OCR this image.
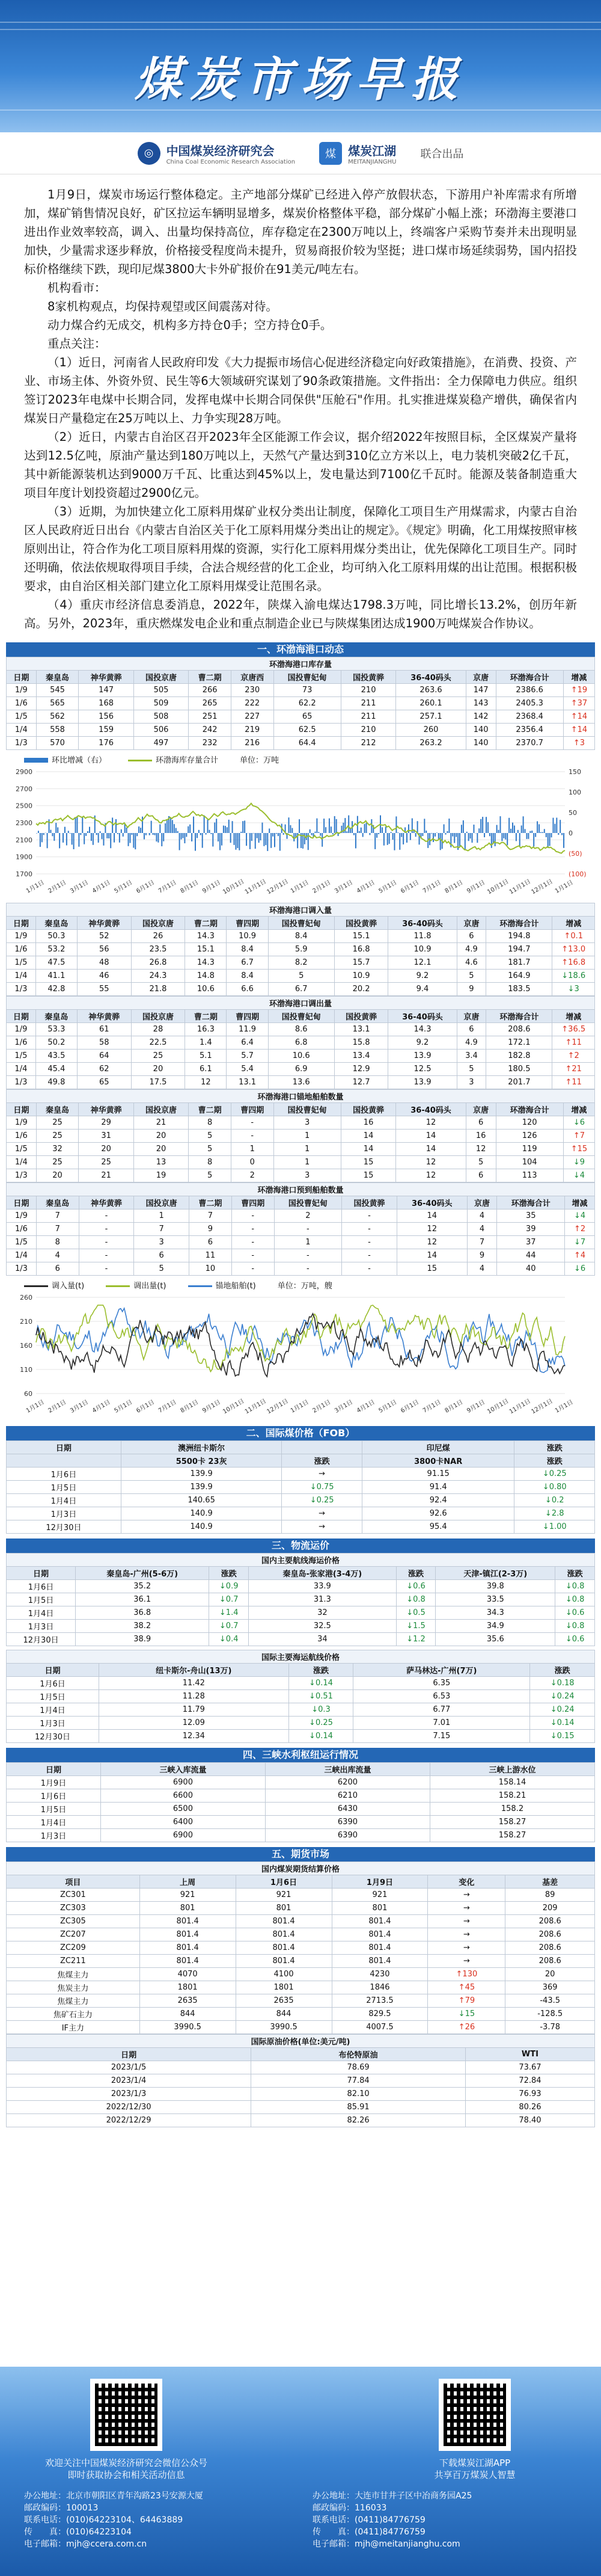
煤炭市场早报
◎	中国煤炭经济研究会
China Coal Economic Research Association
煤	煤炭江湖
MEITANJIANGHU
联合出品

1月9日，煤炭市场运行整体稳定。主产地部分煤矿已经进入停产放假状态，下游用户补库需求有所增加，煤矿销售情况良好，矿区拉运车辆明显增多，煤炭价格整体平稳，部分煤矿小幅上涨；环渤海主要港口进出作业效率较高，调入、出量均保持高位，库存稳定在2300万吨以上，终端客户采购节奏并未出现明显加快，少量需求逐步释放，价格接受程度尚未提升，贸易商报价较为坚挺；进口煤市场延续弱势，国内招投标价格继续下跌，现印尼煤3800大卡外矿报价在91美元/吨左右。

机构看市：

8家机构观点，均保持观望或区间震荡对待。

动力煤合约无成交，机构多方持仓0手；空方持仓0手。

重点关注：

（1）近日，河南省人民政府印发《大力提振市场信心促进经济稳定向好政策措施》，在消费、投资、产业、市场主体、外资外贸、民生等6大领域研究谋划了90条政策措施。文件指出：全力保障电力供应。组织签订2023年电煤中长期合同，发挥电煤中长期合同保供"压舱石"作用。扎实推进煤炭稳产增供，确保省内煤炭日产量稳定在25万吨以上、力争实现28万吨。

（2）近日，内蒙古自治区召开2023年全区能源工作会议，据介绍2022年按照目标，全区煤炭产量将达到12.5亿吨，原油产量达到180万吨以上，天然气产量达到310亿立方米以上，电力装机突破2亿千瓦，其中新能源装机达到9000万千瓦、比重达到45%以上，发电量达到7100亿千瓦时。能源及装备制造重大项目年度计划投资超过2900亿元。

（3）近期，为加快建立化工原料用煤矿业权分类出让制度，保障化工项目生产用煤需求，内蒙古自治区人民政府近日出台《内蒙古自治区关于化工原料用煤分类出让的规定》。《规定》明确，化工用煤按照审核原则出让，符合作为化工项目原料用煤的资源，实行化工原料用煤分类出让，优先保障化工项目生产。同时还明确，依法依规取得项目手续，合法合规经营的化工企业，均可纳入化工原料用煤的出让范围。根据积极要求，由自治区相关部门建立化工原料用煤受让范围名录。

（4）重庆市经济信息委消息，2022年，陕煤入渝电煤达1798.3万吨，同比增长13.2%，创历年新高。另外，2023年，重庆燃煤发电企业和重点制造企业已与陕煤集团达成1900万吨煤炭合作协议。

一、环渤海港口动态
环渤海港口库存量											
日期	秦皇岛	神华黄骅	国投京唐	曹二期	京唐西	国投曹妃甸	国投黄骅	36-40码头	京唐	环渤海合计	增减
1/9	545	147	505	266	230	73	210	263.6	147	2386.6	↑19
1/6	565	168	509	265	222	62.2	211	260.1	143	2405.3	↑37
1/5	562	156	508	251	227	65	211	257.1	142	2368.4	↑14
1/4	558	159	506	242	219	62.5	210	260	140	2356.4	↑14
1/3	570	176	497	232	216	64.4	212	263.2	140	2370.7	↑3
环比增减（右）	环渤海库存量合计	单位：万吨
2900
2700
2500
2300
2100
1900
1700
150
100
50
0
(50)
(100)
1月1日 2月1日 3月1日 4月1日 5月1日 6月1日 7月1日 8月1日 9月1日 10月1日
11月1日
12月1日 1月1日 2月1日 3月1日 4月1日 5月1日 6月1日 7月1日 8月1日 9月1日 10月1日
11月1日
12月1日 1月1日
环渤海港口调入量											
日期	秦皇岛	神华黄骅	国投京唐	曹二期	曹四期	国投曹妃甸	国投黄骅	36-40码头	京唐	环渤海合计	增减
1/9	50.3	52	26	14.3	10.9	8.4	15.1	11.8	6	194.8	↑0.1
1/6	53.2	56	23.5	15.1	8.4	5.9	16.8	10.9	4.9	194.7	↑13.0
1/5	47.5	48	26.8	14.3	6.7	8.2	15.7	12.1	4.6	181.7	↑16.8
1/4	41.1	46	24.3	14.8	8.4	5	10.9	9.2	5	164.9	↓18.6
1/3	42.8	55	21.8	10.6	6.6	6.7	20.2	9.4	9	183.5	↓3
环渤海港口调出量											
日期	秦皇岛	神华黄骅	国投京唐	曹二期	曹四期	国投曹妃甸	国投黄骅	36-40码头	京唐	环渤海合计	增减
1/9	53.3	61	28	16.3	11.9	8.6	13.1	14.3	6	208.6	↑36.5
1/6	50.2	58	22.5	1.4	6.4	6.8	15.8	9.2	4.9	172.1	↑11
1/5	43.5	64	25	5.1	5.7	10.6	13.4	13.9	3.4	182.8	↑2
1/4	45.4	62	20	6.1	5.4	6.9	12.9	12.5	5	180.5	↑21
1/3	49.8	65	17.5	12	13.1	13.6	12.7	13.9	3	201.7	↑11
环渤海港口锚地船舶数量											
日期	秦皇岛	神华黄骅	国投京唐	曹二期	曹四期	国投曹妃甸	国投黄骅	36-40码头	京唐	环渤海合计	增减
1/9	25	29	21	8	-	3	16	12	6	120	↓6
1/6	25	31	20	5	-	1	14	14	16	126	↑7
1/5	32	20	20	5	1	1	14	14	12	119	↑15
1/4	25	25	13	8	0	1	15	12	5	104	↓9
1/3	20	21	19	5	2	3	15	12	6	113	↓4
环渤海港口预到船舶数量											
日期	秦皇岛	神华黄骅	国投京唐	曹二期	曹四期	国投曹妃甸	国投黄骅	36-40码头	京唐	环渤海合计	增减
1/9	7	-	1	7	-	2	-	14	4	35	↓4
1/6	7	-	7	9	-	-	-	12	4	39	↑2
1/5	8	-	3	6	-	1	-	12	7	37	↓7
1/4	4	-	6	11	-	-	-	14	9	44	↑4
1/3	6	-	5	10	-	-	-	15	4	40	↓6
调入量(t)	调出量(t)	锚地船舶(t)	单位：万吨，艘
260
210
160
110
60
1月1日 2月1日 3月1日 4月1日 5月1日 6月1日 7月1日 8月1日 9月1日 10月1日
11月1日
12月1日 1月1日 2月1日 3月1日 4月1日 5月1日 6月1日 7月1日 8月1日 9月1日 10月1日
11月1日
12月1日 1月1日
二、国际煤价格（FOB）
日期	澳洲纽卡斯尔		印尼煤	涨跌
	5500卡 23灰	涨跌	3800卡NAR	涨跌
1月6日	139.9	→	91.15	↓0.25
1月5日	139.9	↓0.75	91.4	↓0.80
1月4日	140.65	↓0.25	92.4	↓0.2
1月3日	140.9	→	92.6	↓2.8
12月30日	140.9	→	95.4	↓1.00
三、物流运价
国内主要航线海运价格						
日期	秦皇岛-广州(5-6万)	涨跌	秦皇岛-张家港(3-4万)	涨跌	天津-镇江(2-3万)	涨跌
1月6日	35.2	↓0.9	33.9	↓0.6	39.8	↓0.8
1月5日	36.1	↓0.7	31.3	↓0.8	33.5	↓0.8
1月4日	36.8	↓1.4	32	↓0.5	34.3	↓0.6
1月3日	38.2	↓0.7	32.5	↓1.5	34.9	↓0.8
12月30日	38.9	↓0.4	34	↓1.2	35.6	↓0.6
国际主要海运航线价格				
日期	纽卡斯尔-舟山(13万)	涨跌	萨马林达-广州(7万)	涨跌
1月6日	11.42	↓0.14	6.35	↓0.18
1月5日	11.28	↓0.51	6.53	↓0.24
1月4日	11.79	↓0.3	6.77	↓0.24
1月3日	12.09	↓0.25	7.01	↓0.14
12月30日	12.34	↓0.14	7.15	↓0.15
四、三峡水利枢纽运行情况
日期	三峡入库流量	三峡出库流量	三峡上游水位
1月9日	6900	6200	158.14
1月6日	6600	6210	158.21
1月5日	6500	6430	158.2
1月4日	6400	6390	158.27
1月3日	6900	6390	158.27
五、期货市场
国内煤炭期货结算价格					
项目	上周	1月6日	1月9日	变化	基差
ZC301	921	921	921	→	89
ZC303	801	801	801	→	209
ZC305	801.4	801.4	801.4	→	208.6
ZC207	801.4	801.4	801.4	→	208.6
ZC209	801.4	801.4	801.4	→	208.6
ZC211	801.4	801.4	801.4	→	208.6
焦煤主力	4070	4100	4230	↑130	20
焦炭主力	1801	1801	1846	↑45	369
焦煤主力	2635	2635	2713.5	↑79	-43.5
焦矿石主力	844	844	829.5	↓15	-128.5
IF主力	3990.5	3990.5	4007.5	↑26	-3.78
国际原油价格(单位:美元/吨)		
日期	布伦特原油	WTI
2023/1/5	78.69	73.67
2023/1/4	77.84	72.84
2023/1/3	82.10	76.93
2022/12/30	85.91	80.26
2022/12/29	82.26	78.40
欢迎关注中国煤炭经济研究会微信公众号
即时获取协会和相关活动信息
下载煤炭江湖APP
共享百万煤炭人智慧
办公地址：北京市朝阳区青年沟路23号安源大厦
邮政编码：100013
联系电话：(010)64223104、64463889
传　　真：(010)64223104
电子邮箱：mjh@ccera.com.cn
办公地址：大连市甘井子区中冶商务园A25
邮政编码：116033
联系电话：(0411)84776759
传　　真：(0411)84776759
电子邮箱：mjh@meitanjianghu.com
